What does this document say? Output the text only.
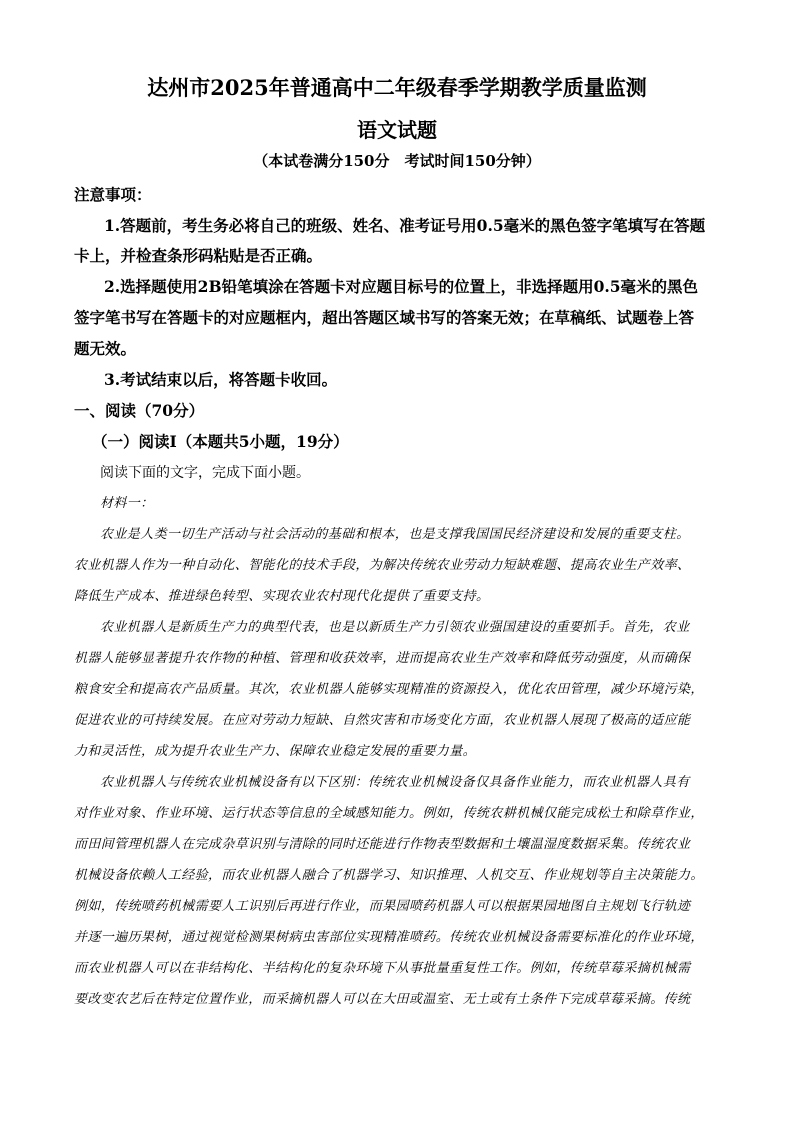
达州市2025年普通高中二年级春季学期教学质量监测
语文试题
（本试卷满分150分　考试时间150分钟）
注意事项：
1.答题前，考生务必将自己的班级、姓名、准考证号用0.5毫米的黑色签字笔填写在答题
卡上，并检查条形码粘贴是否正确。
2.选择题使用2B铅笔填涂在答题卡对应题目标号的位置上，非选择题用0.5毫米的黑色
签字笔书写在答题卡的对应题框内，超出答题区域书写的答案无效；在草稿纸、试题卷上答
题无效。
3.考试结束以后，将答题卡收回。
一、阅读（70分）
（一）阅读Ⅰ（本题共5小题，19分）
阅读下面的文字，完成下面小题。
材料一：
农业是人类一切生产活动与社会活动的基础和根本，也是支撑我国国民经济建设和发展的重要支柱。
农业机器人作为一种自动化、智能化的技术手段，为解决传统农业劳动力短缺难题、提高农业生产效率、
降低生产成本、推进绿色转型、实现农业农村现代化提供了重要支持。
农业机器人是新质生产力的典型代表，也是以新质生产力引领农业强国建设的重要抓手。首先，农业
机器人能够显著提升农作物的种植、管理和收获效率，进而提高农业生产效率和降低劳动强度，从而确保
粮食安全和提高农产品质量。其次，农业机器人能够实现精准的资源投入，优化农田管理，减少环境污染，
促进农业的可持续发展。在应对劳动力短缺、自然灾害和市场变化方面，农业机器人展现了极高的适应能
力和灵活性，成为提升农业生产力、保障农业稳定发展的重要力量。
农业机器人与传统农业机械设备有以下区别：传统农业机械设备仅具备作业能力，而农业机器人具有
对作业对象、作业环境、运行状态等信息的全域感知能力。例如，传统农耕机械仅能完成松土和除草作业，
而田间管理机器人在完成杂草识别与清除的同时还能进行作物表型数据和土壤温湿度数据采集。传统农业
机械设备依赖人工经验，而农业机器人融合了机器学习、知识推理、人机交互、作业规划等自主决策能力。
例如，传统喷药机械需要人工识别后再进行作业，而果园喷药机器人可以根据果园地图自主规划飞行轨迹
并逐一遍历果树，通过视觉检测果树病虫害部位实现精准喷药。传统农业机械设备需要标准化的作业环境，
而农业机器人可以在非结构化、半结构化的复杂环境下从事批量重复性工作。例如，传统草莓采摘机械需
要改变农艺后在特定位置作业，而采摘机器人可以在大田或温室、无土或有土条件下完成草莓采摘。传统
